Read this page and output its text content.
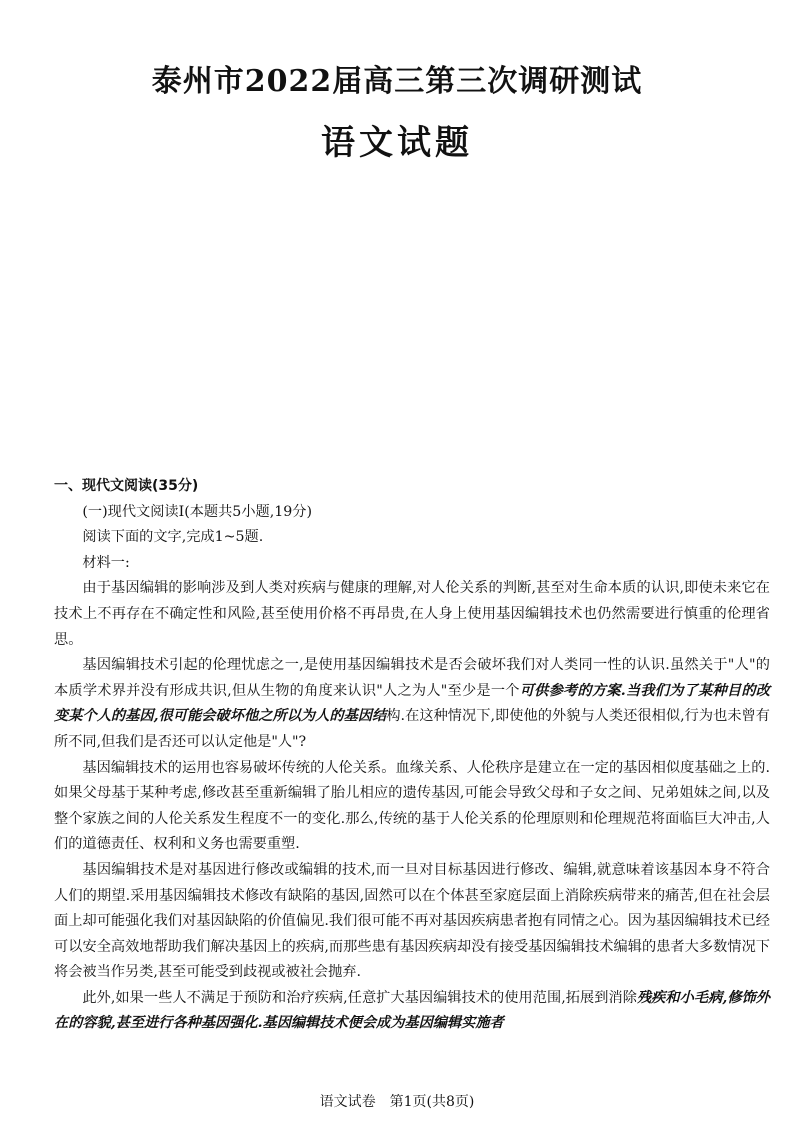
泰州市2022届高三第三次调研测试
语文试题

一、现代文阅读(35分)

(一)现代文阅读Ⅰ(本题共5小题,19分)

阅读下面的文字,完成1~5题.

材料一:

由于基因编辑的影响涉及到人类对疾病与健康的理解,对人伦关系的判断,甚至对生命本质的认识,即使未来它在技术上不再存在不确定性和风险,甚至使用价格不再昂贵,在人身上使用基因编辑技术也仍然需要进行慎重的伦理省思。

基因编辑技术引起的伦理忧虑之一,是使用基因编辑技术是否会破坏我们对人类同一性的认识.虽然关于"人"的本质学术界并没有形成共识,但从生物的角度来认识"人之为人"至少是一个可供参考的方案.当我们为了某种目的改变某个人的基因,很可能会破坏他之所以为人的基因结构.在这种情况下,即使他的外貌与人类还很相似,行为也未曾有所不同,但我们是否还可以认定他是"人"?

基因编辑技术的运用也容易破坏传统的人伦关系。血缘关系、人伦秩序是建立在一定的基因相似度基础之上的.如果父母基于某种考虑,修改甚至重新编辑了胎儿相应的遗传基因,可能会导致父母和子女之间、兄弟姐妹之间,以及整个家族之间的人伦关系发生程度不一的变化.那么,传统的基于人伦关系的伦理原则和伦理规范将面临巨大冲击,人们的道德责任、权利和义务也需要重塑.

基因编辑技术是对基因进行修改或编辑的技术,而一旦对目标基因进行修改、编辑,就意味着该基因本身不符合人们的期望.采用基因编辑技术修改有缺陷的基因,固然可以在个体甚至家庭层面上消除疾病带来的痛苦,但在社会层面上却可能强化我们对基因缺陷的价值偏见.我们很可能不再对基因疾病患者抱有同情之心。因为基因编辑技术已经可以安全高效地帮助我们解决基因上的疾病,而那些患有基因疾病却没有接受基因编辑技术编辑的患者大多数情况下将会被当作另类,甚至可能受到歧视或被社会抛弃.

此外,如果一些人不满足于预防和治疗疾病,任意扩大基因编辑技术的使用范围,拓展到消除残疾和小毛病,修饰外在的容貌,甚至进行各种基因强化.基因编辑技术便会成为基因编辑实施者

语文试卷　第1页(共8页)
